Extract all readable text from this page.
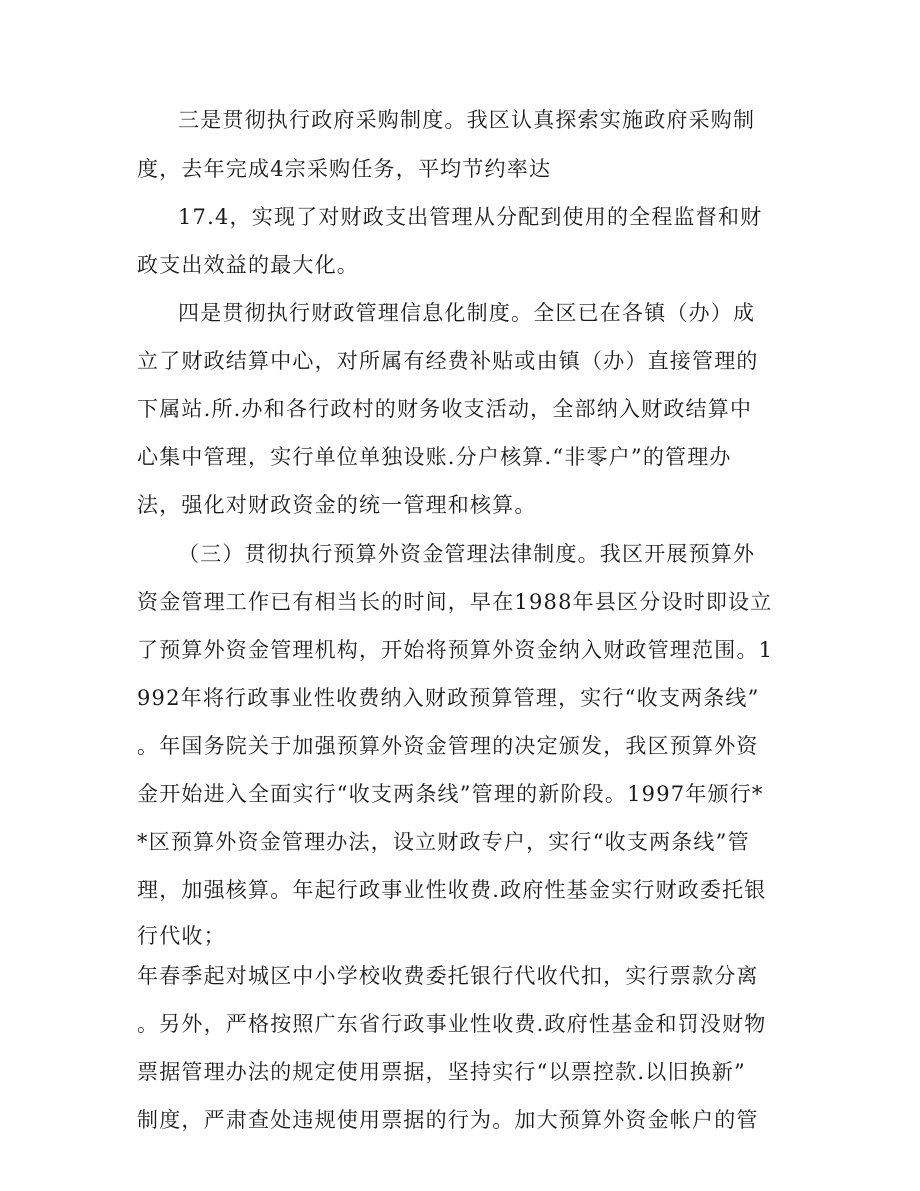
三是贯彻执行政府采购制度。我区认真探索实施政府采购制
度，去年完成4宗采购任务，平均节约率达
17.4，实现了对财政支出管理从分配到使用的全程监督和财
政支出效益的最大化。
四是贯彻执行财政管理信息化制度。全区已在各镇（办）成
立了财政结算中心，对所属有经费补贴或由镇（办）直接管理的
下属站.所.办和各行政村的财务收支活动，全部纳入财政结算中
心集中管理，实行单位单独设账.分户核算.“非零户”的管理办
法，强化对财政资金的统一管理和核算。
（三）贯彻执行预算外资金管理法律制度。我区开展预算外
资金管理工作已有相当长的时间，早在1988年县区分设时即设立
了预算外资金管理机构，开始将预算外资金纳入财政管理范围。1
992年将行政事业性收费纳入财政预算管理，实行“收支两条线”
。年国务院关于加强预算外资金管理的决定颁发，我区预算外资
金开始进入全面实行“收支两条线”管理的新阶段。1997年颁行*
*区预算外资金管理办法，设立财政专户，实行“收支两条线”管
理，加强核算。年起行政事业性收费.政府性基金实行财政委托银
行代收；
年春季起对城区中小学校收费委托银行代收代扣，实行票款分离
。另外，严格按照广东省行政事业性收费.政府性基金和罚没财物
票据管理办法的规定使用票据，坚持实行“以票控款.以旧换新”
制度，严肃查处违规使用票据的行为。加大预算外资金帐户的管
